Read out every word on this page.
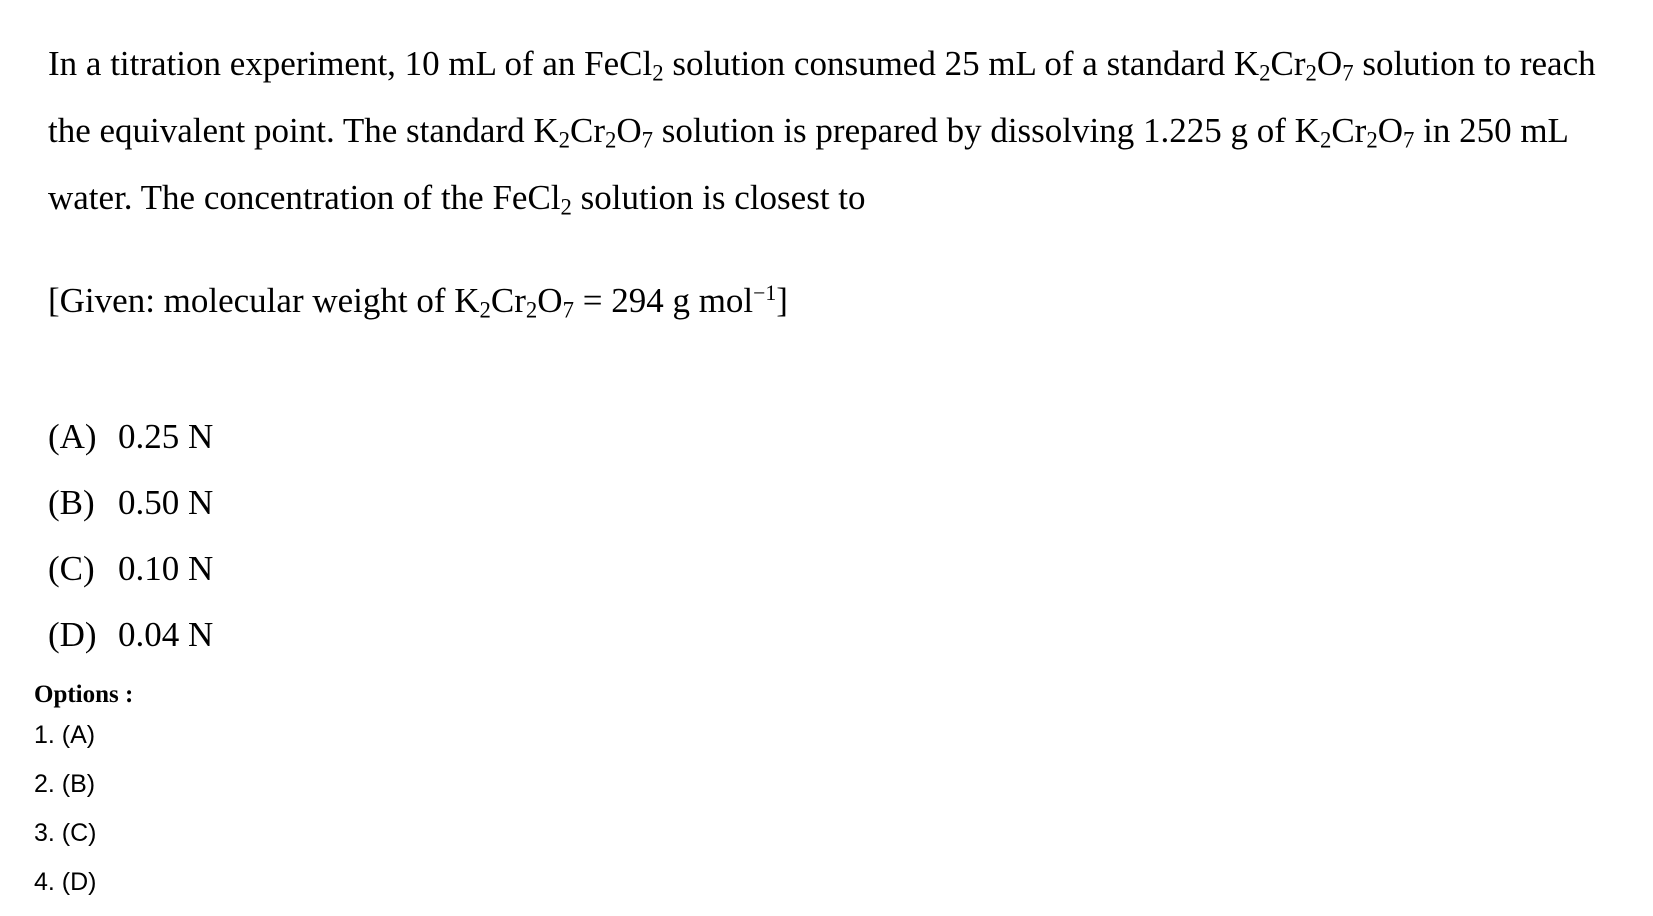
In a titration experiment, 10 mL of an FeCl$_2$ solution consumed 25 mL of a standard $K_2Cr_2O_7$ solution to reach the equivalent point. The standard $K_2Cr_2O_7$ solution is prepared by dissolving 1.225 g of $K_2Cr_2O_7$ in 250 mL water. The concentration of the FeCl$_2$ solution is closest to

[Given: molecular weight of $K_2Cr_2O_7 = 294$ g mol$^{-1}$]

(A) 0.25 N
(B) 0.50 N
(C) 0.10 N
(D) 0.04 N
Options :
1. (A)
2. (B)
3. (C)
4. (D)
